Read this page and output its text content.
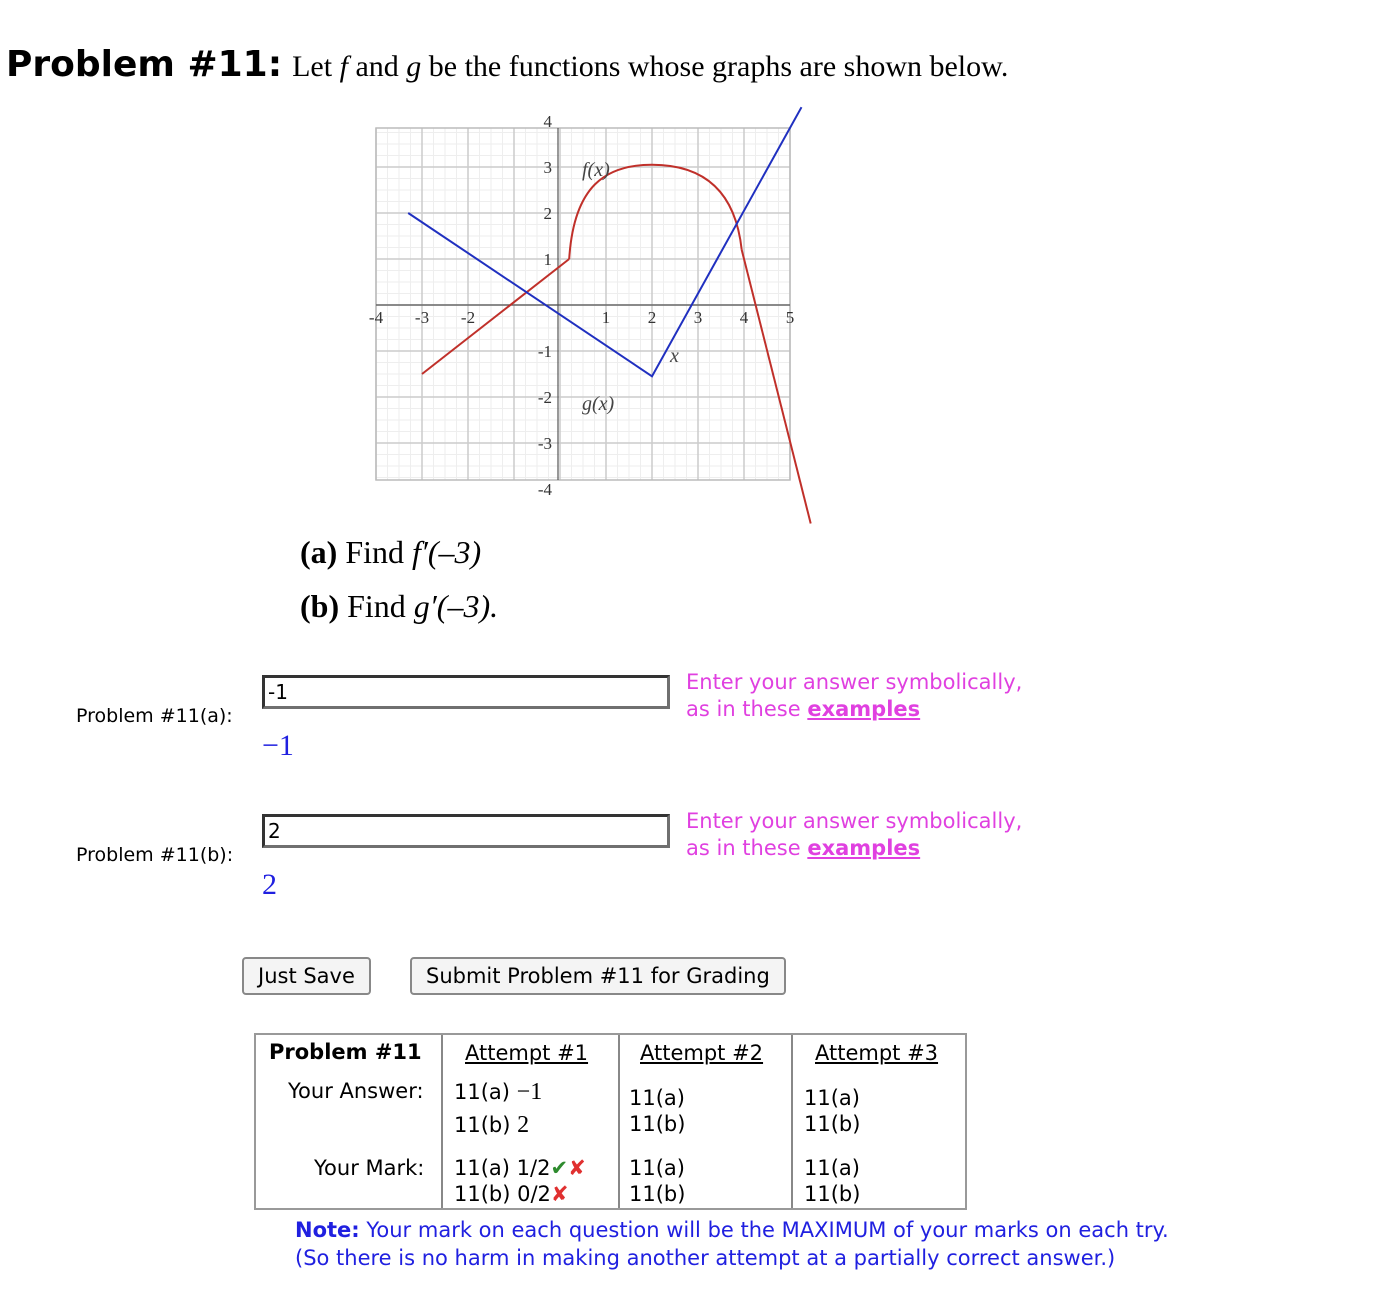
Problem #11: Let f and g be the functions whose graphs are shown below.
-4 -3 -2	1 2 3 4 5
4
3
2
1
-1
-2
-3
-4
f(x)
g(x)
x
(a) Find f′(–3)
(b) Find g′(–3).
Problem #11(a):
-1
−1
Enter your answer symbolically,
as in these examples
Problem #11(b):
2
2
Enter your answer symbolically,
as in these examples
Just Save	Submit Problem #11 for Grading
Problem #11 Attempt #1 Attempt #2 Attempt #3
Your Answer: 11(a) −1
11(b) 2
11(a)
11(b)
11(a)
11(b)
Your Mark: 11(a) 1/2✔✘
11(b) 0/2✘
11(a)
11(b)
11(a)
11(b)
Note: Your mark on each question will be the MAXIMUM of your marks on each try.
(So there is no harm in making another attempt at a partially correct answer.)
